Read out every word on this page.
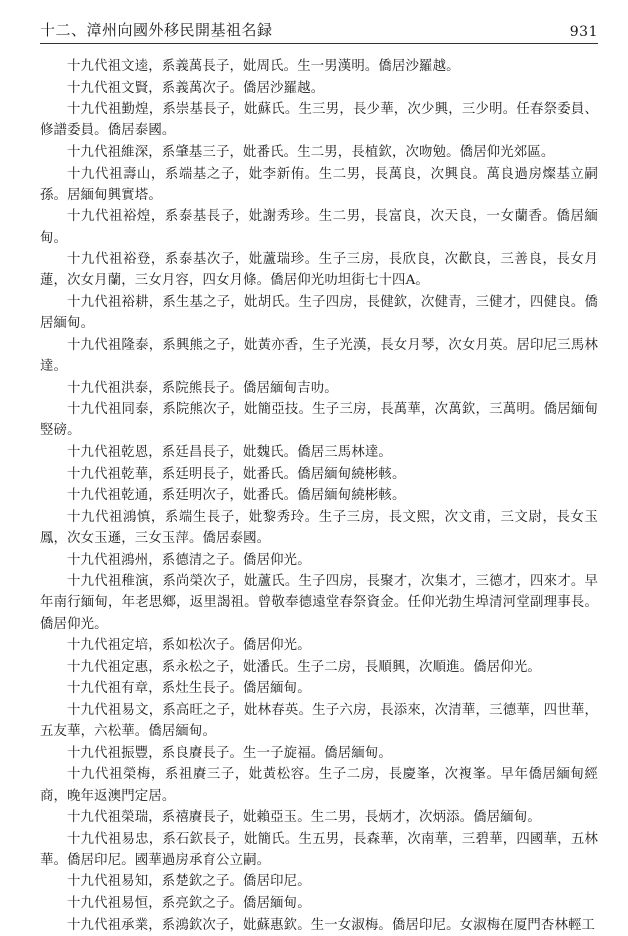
十二、漳州向國外移民開基祖名録	931

十九代祖文逵，系義萬長子，妣周氏。生一男漢明。僑居沙羅越。

十九代祖文賢，系義萬次子。僑居沙羅越。

十九代祖勤煌，系崇基長子，妣蘇氏。生三男，長少華，次少興，三少明。任春祭委員、修譜委員。僑居泰國。

十九代祖維深，系肇基三子，妣番氏。生二男，長植欽，次吻勉。僑居仰光郊區。

十九代祖壽山，系端基之子，妣李新侑。生二男，長萬良，次興良。萬良過房燦基立嗣孫。居緬甸興實塔。

十九代祖裕煌，系泰基長子，妣謝秀珍。生二男，長富良，次天良，一女蘭香。僑居緬甸。

十九代祖裕登，系泰基次子，妣蘆瑞珍。生子三房，長欣良，次歡良，三善良，長女月蓮，次女月蘭，三女月容，四女月條。僑居仰光叻坦街七十四A。

十九代祖裕耕，系生基之子，妣胡氏。生子四房，長健欽，次健青，三健才，四健良。僑居緬甸。

十九代祖隆泰，系興熊之子，妣黃亦香，生子光漢，長女月琴，次女月英。居印尼三馬林達。

十九代祖洪泰，系院熊長子。僑居緬甸吉叻。

十九代祖同泰，系院熊次子，妣簡亞技。生子三房，長萬華，次萬欽，三萬明。僑居緬甸竪磅。

十九代祖乾恩，系廷昌長子，妣魏氏。僑居三馬林達。

十九代祖乾華，系廷明長子，妣番氏。僑居緬甸繞彬輆。

十九代祖乾通，系廷明次子，妣番氏。僑居緬甸繞彬輆。

十九代祖鴻慎，系端生長子，妣黎秀玲。生子三房，長文熙，次文甫，三文尉，長女玉鳳，次女玉遜，三女玉萍。僑居泰國。

十九代祖鴻州，系德清之子。僑居仰光。

十九代祖稚演，系尚榮次子，妣蘆氏。生子四房，長聚才，次集才，三德才，四來才。早年南行緬甸，年老思鄉，返里謁祖。曾敬奉德遠堂春祭資金。任仰光勃生埠清河堂副理事長。僑居仰光。

十九代祖定培，系如松次子。僑居仰光。

十九代祖定惠，系永松之子，妣潘氏。生子二房，長順興，次順進。僑居仰光。

十九代祖有章，系灶生長子。僑居緬甸。

十九代祖易文，系高旺之子，妣林春英。生子六房，長添來，次清華，三德華，四世華，五友華，六松華。僑居緬甸。

十九代祖振豐，系良賡長子。生一子旋福。僑居緬甸。

十九代祖榮梅，系祖賡三子，妣黃松容。生子二房，長慶峯，次複峯。早年僑居緬甸經商，晚年返澳門定居。

十九代祖榮瑞，系禧賡長子，妣賴亞玉。生二男，長炳才，次炳添。僑居緬甸。

十九代祖易忠，系石欽長子，妣簡氏。生五男，長森華，次南華，三碧華，四國華，五林華。僑居印尼。國華過房承育公立嗣。

十九代祖易知，系楚欽之子。僑居印尼。

十九代祖易恒，系亮欽之子。僑居緬甸。

十九代祖承業，系鴻欽次子，妣蘇惠欽。生一女淑梅。僑居印尼。女淑梅在厦門杏林輕工
